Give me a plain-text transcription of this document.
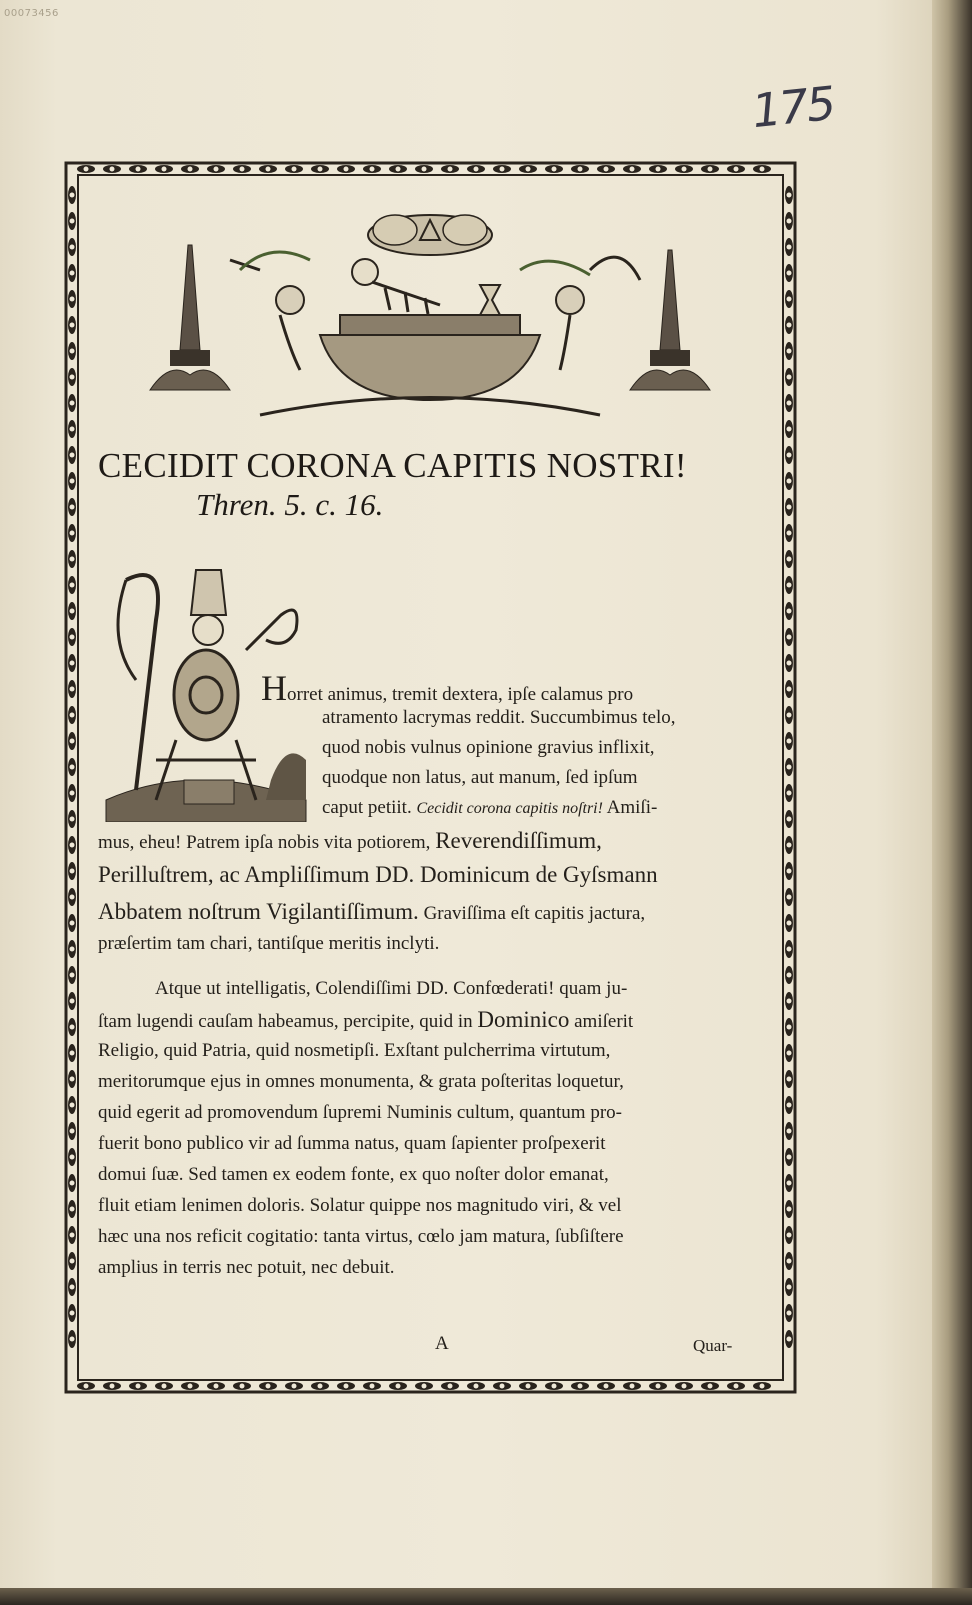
00073456
175

CECIDIT CORONA CAPITIS NOSTRI!
Thren. 5. c. 16.
Horret animus, tremit dextera, ipſe calamus pro
atramento lacrymas reddit. Succumbimus telo,
quod nobis vulnus opinione gravius inflixit,
quodque non latus, aut manum, ſed ipſum
caput petiit. Cecidit corona capitis noſtri! Amiſi-
mus, eheu! Patrem ipſa nobis vita potiorem, Reverendiſſimum,
Perilluſtrem, ac Ampliſſimum DD. Dominicum de Gyſsmann
Abbatem noſtrum Vigilantiſſimum. Graviſſima eſt capitis jactura,
præſertim tam chari, tantiſque meritis inclyti.
Atque ut intelligatis, Colendiſſimi DD. Confœderati! quam ju-
ſtam lugendi cauſam habeamus, percipite, quid in Dominico amiſerit
Religio, quid Patria, quid nosmetipſi. Exſtant pulcherrima virtutum,
meritorumque ejus in omnes monumenta, & grata poſteritas loquetur,
quid egerit ad promovendum ſupremi Numinis cultum, quantum pro-
fuerit bono publico vir ad ſumma natus, quam ſapienter proſpexerit
domui ſuæ. Sed tamen ex eodem fonte, ex quo noſter dolor emanat,
fluit etiam lenimen doloris. Solatur quippe nos magnitudo viri, & vel
hæc una nos reficit cogitatio: tanta virtus, cœlo jam matura, ſubſiſtere
amplius in terris nec potuit, nec debuit.
A	Quar-
